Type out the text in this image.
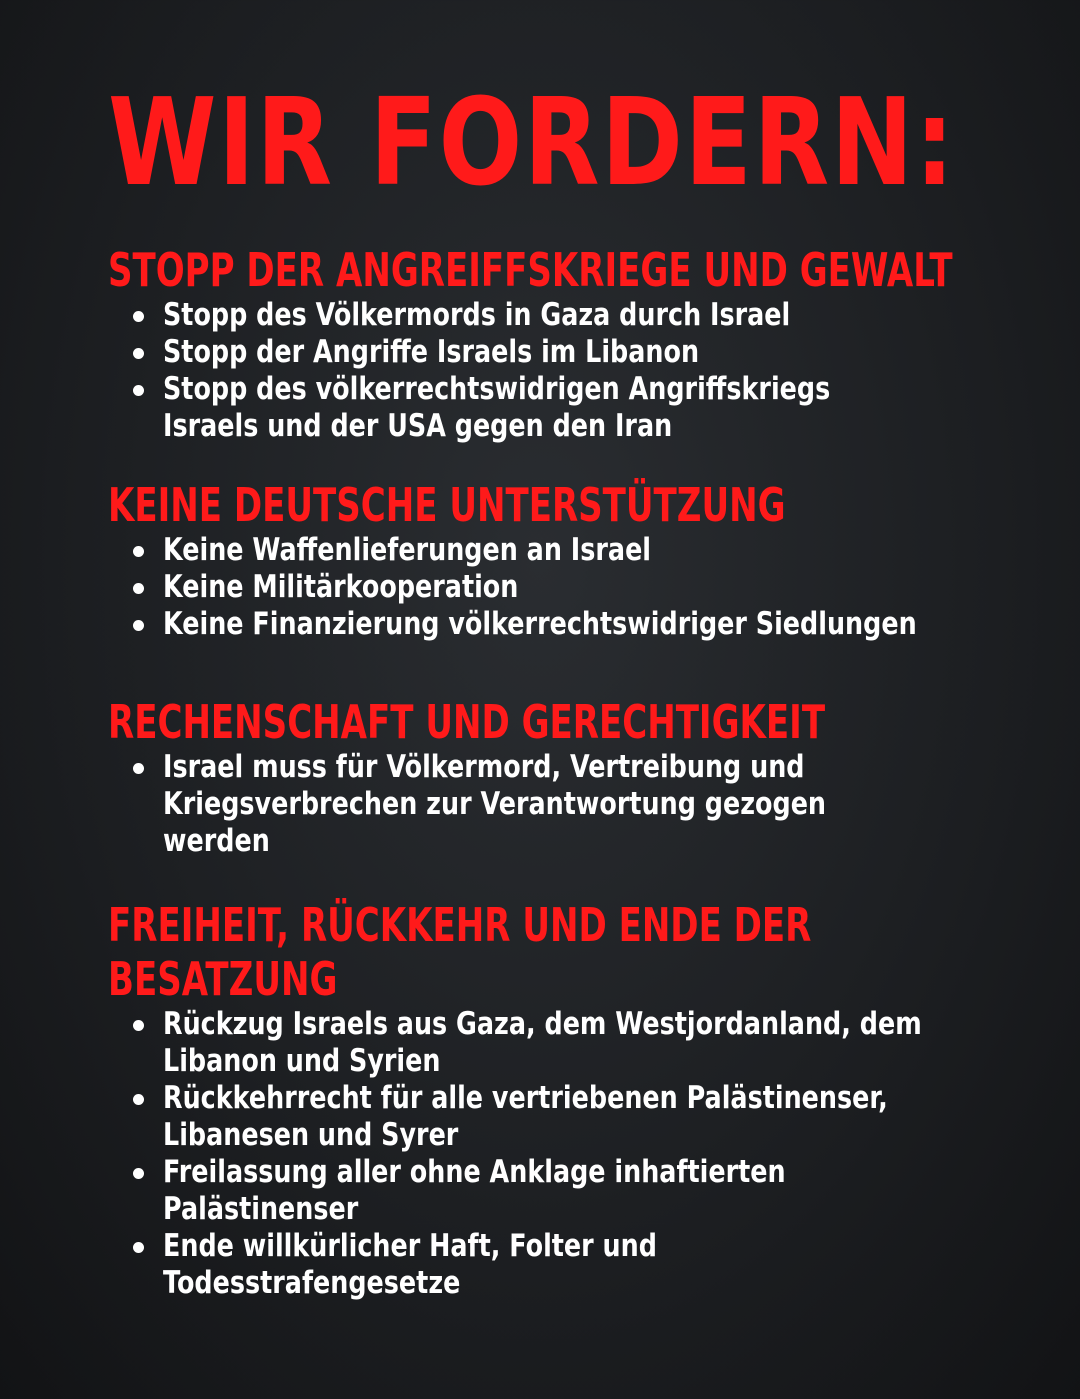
WIR FORDERN:
STOPP DER ANGREIFFSKRIEGE UND GEWALT
Stopp des Völkermords in Gaza durch Israel
Stopp der Angriffe Israels im Libanon
Stopp des völkerrechtswidrigen Angriffskriegs
Israels und der USA gegen den Iran
KEINE DEUTSCHE UNTERSTÜTZUNG
Keine Waffenlieferungen an Israel
Keine Militärkooperation
Keine Finanzierung völkerrechtswidriger Siedlungen
RECHENSCHAFT UND GERECHTIGKEIT
Israel muss für Völkermord, Vertreibung und
Kriegsverbrechen zur Verantwortung gezogen
werden
FREIHEIT, RÜCKKEHR UND ENDE DER
BESATZUNG
Rückzug Israels aus Gaza, dem Westjordanland, dem
Libanon und Syrien
Rückkehrrecht für alle vertriebenen Palästinenser,
Libanesen und Syrer
Freilassung aller ohne Anklage inhaftierten
Palästinenser
Ende willkürlicher Haft, Folter und
Todesstrafengesetze
